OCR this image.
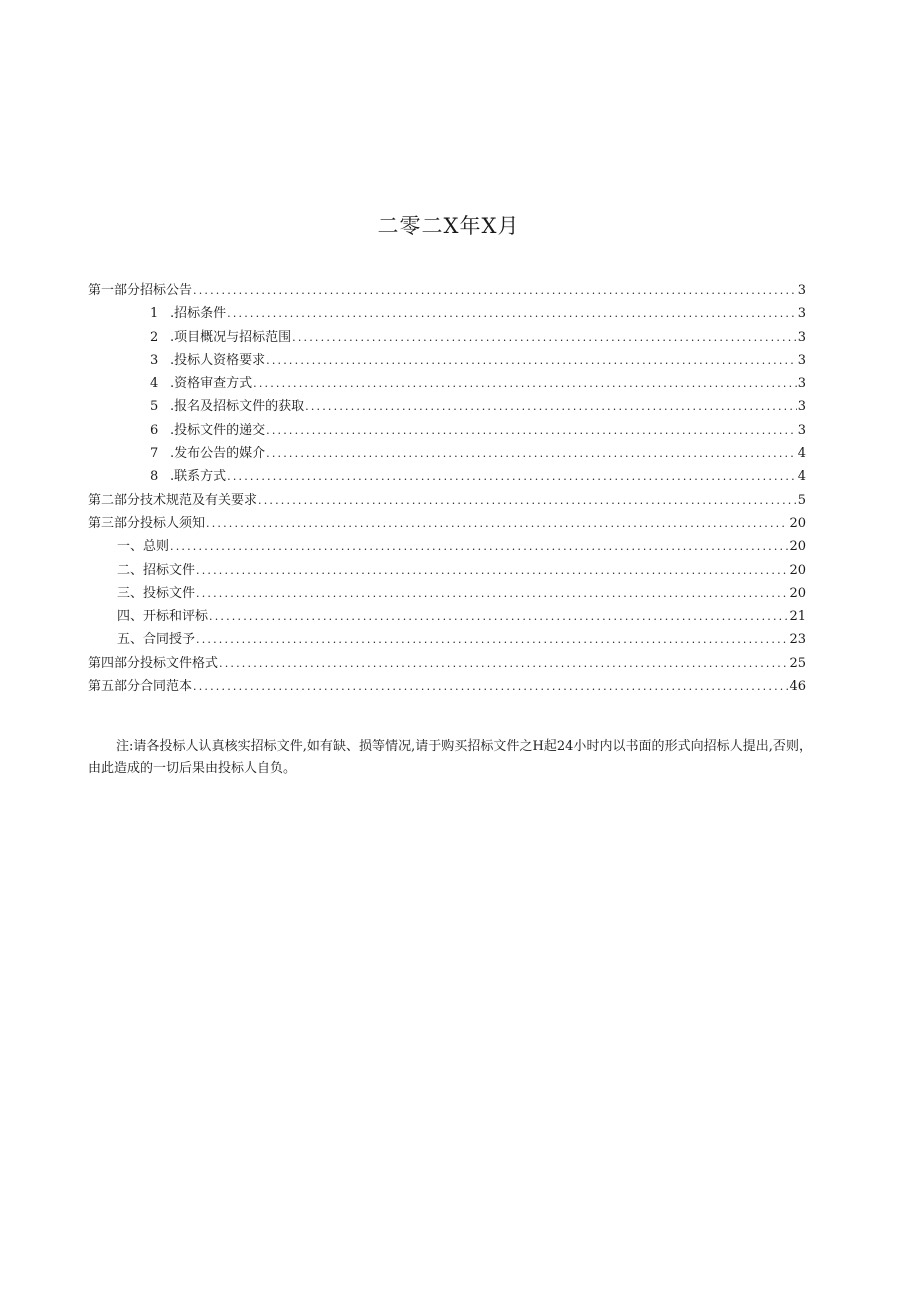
二零二X年X月
第一部分招标公告 .....	3
1 .招标条件 .....	3
2 .项目概况与招标范围 .....	3
3 .投标人资格要求 .....	3
4 .资格审查方式 .....	3
5 .报名及招标文件的获取 .....	3
6 .投标文件的递交 .....	3
7 .发布公告的媒介 .....	4
8 .联系方式 .....	4
第二部分技术规范及有关要求 .....	5
第三部分投标人须知 .....	20
一、总则 .....	20
二、招标文件 .....	20
三、投标文件 .....	20
四、开标和评标 .....	21
五、合同授予 .....	23
第四部分投标文件格式 .....	25
第五部分合同范本 .....	46

注:请各投标人认真核实招标文件,如有缺、损等情况,请于购买招标文件之H起24小时内以书面的形式向招标人提出,否则，由此造成的一切后果由投标人自负。
